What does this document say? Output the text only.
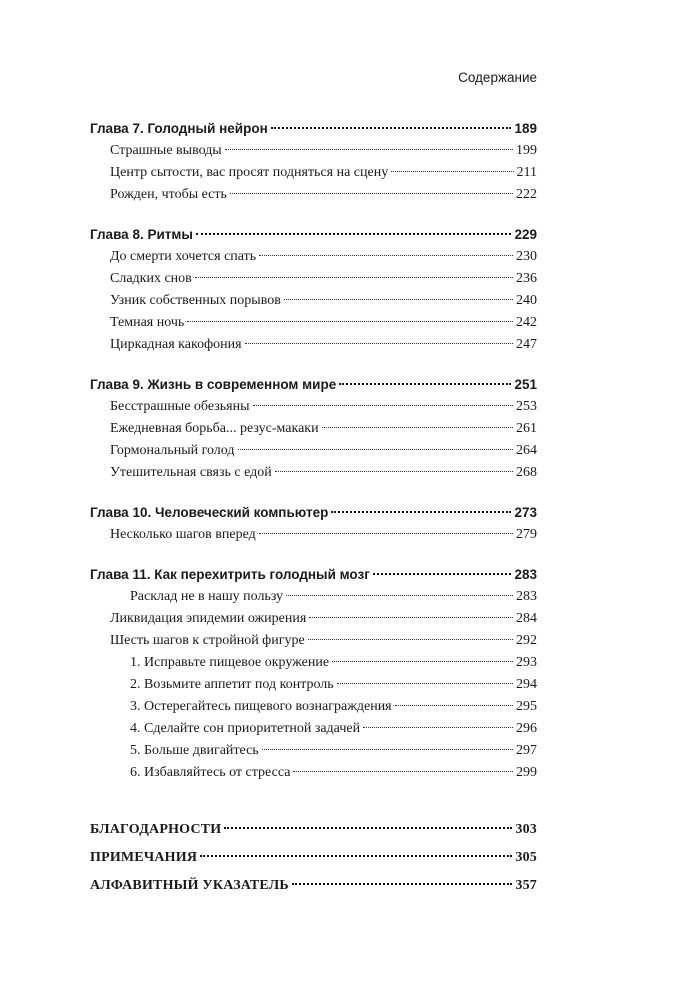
Содержание
Глава 7. Голодный нейрон	189
Страшные выводы	199
Центр сытости, вас просят подняться на сцену	211
Рожден, чтобы есть	222
Глава 8. Ритмы	229
До смерти хочется спать	230
Сладких снов	236
Узник собственных порывов	240
Темная ночь	242
Циркадная какофония	247
Глава 9. Жизнь в современном мире	251
Бесстрашные обезьяны	253
Ежедневная борьба... резус-макаки	261
Гормональный голод	264
Утешительная связь с едой	268
Глава 10. Человеческий компьютер	273
Несколько шагов вперед	279
Глава 11. Как перехитрить голодный мозг	283
Расклад не в нашу пользу	283
Ликвидация эпидемии ожирения	284
Шесть шагов к стройной фигуре	292
1. Исправьте пищевое окружение	293
2. Возьмите аппетит под контроль	294
3. Остерегайтесь пищевого вознаграждения	295
4. Сделайте сон приоритетной задачей	296
5. Больше двигайтесь	297
6. Избавляйтесь от стресса	299
БЛАГОДАРНОСТИ	303
ПРИМЕЧАНИЯ	305
АЛФАВИТНЫЙ УКАЗАТЕЛЬ	357
